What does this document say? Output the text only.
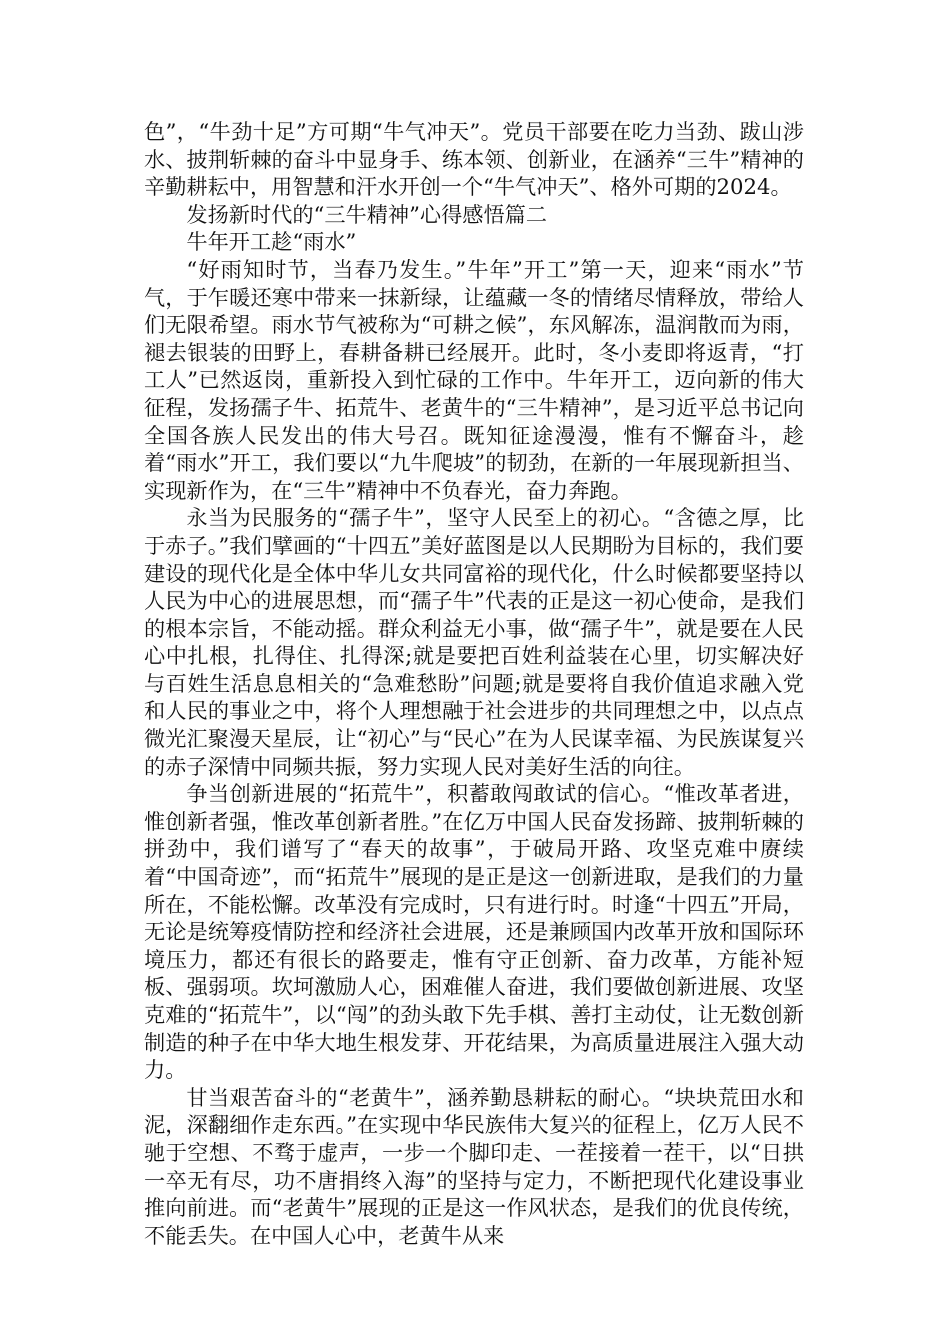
色”，“牛劲十足”方可期“牛气冲天”。党员干部要在吃力当劲、跋山涉水、披荆斩棘的奋斗中显身手、练本领、创新业，在涵养“三牛”精神的辛勤耕耘中，用智慧和汗水开创一个“牛气冲天”、格外可期的2024。

发扬新时代的“三牛精神”心得感悟篇二

牛年开工趁“雨水”

“好雨知时节，当春乃发生。”牛年”开工”第一天，迎来“雨水”节气，于乍暖还寒中带来一抹新绿，让蕴藏一冬的情绪尽情释放，带给人们无限希望。雨水节气被称为“可耕之候”，东风解冻，温润散而为雨，褪去银装的田野上，春耕备耕已经展开。此时，冬小麦即将返青，“打工人”已然返岗，重新投入到忙碌的工作中。牛年开工，迈向新的伟大征程，发扬孺子牛、拓荒牛、老黄牛的“三牛精神”，是习近平总书记向全国各族人民发出的伟大号召。既知征途漫漫，惟有不懈奋斗，趁着“雨水”开工，我们要以“九牛爬坡”的韧劲，在新的一年展现新担当、实现新作为，在“三牛”精神中不负春光，奋力奔跑。

永当为民服务的“孺子牛”，坚守人民至上的初心。“含德之厚，比于赤子。”我们擘画的“十四五”美好蓝图是以人民期盼为目标的，我们要建设的现代化是全体中华儿女共同富裕的现代化，什么时候都要坚持以人民为中心的进展思想，而“孺子牛”代表的正是这一初心使命，是我们的根本宗旨，不能动摇。群众利益无小事，做“孺子牛”，就是要在人民心中扎根，扎得住、扎得深;就是要把百姓利益装在心里，切实解决好与百姓生活息息相关的“急难愁盼”问题;就是要将自我价值追求融入党和人民的事业之中，将个人理想融于社会进步的共同理想之中，以点点微光汇聚漫天星辰，让“初心”与“民心”在为人民谋幸福、为民族谋复兴的赤子深情中同频共振，努力实现人民对美好生活的向往。

争当创新进展的“拓荒牛”，积蓄敢闯敢试的信心。“惟改革者进，惟创新者强，惟改革创新者胜。”在亿万中国人民奋发扬蹄、披荆斩棘的拼劲中，我们谱写了“春天的故事”，于破局开路、攻坚克难中赓续着“中国奇迹”，而“拓荒牛”展现的是正是这一创新进取，是我们的力量所在，不能松懈。改革没有完成时，只有进行时。时逢“十四五”开局，无论是统筹疫情防控和经济社会进展，还是兼顾国内改革开放和国际环境压力，都还有很长的路要走，惟有守正创新、奋力改革，方能补短板、强弱项。坎坷激励人心，困难催人奋进，我们要做创新进展、攻坚克难的“拓荒牛”，以“闯”的劲头敢下先手棋、善打主动仗，让无数创新制造的种子在中华大地生根发芽、开花结果，为高质量进展注入强大动力。

甘当艰苦奋斗的“老黄牛”，涵养勤恳耕耘的耐心。“块块荒田水和泥，深翻细作走东西。”在实现中华民族伟大复兴的征程上，亿万人民不驰于空想、不骛于虚声，一步一个脚印走、一茬接着一茬干，以“日拱一卒无有尽，功不唐捐终入海”的坚持与定力，不断把现代化建设事业推向前进。而“老黄牛”展现的正是这一作风状态，是我们的优良传统，不能丢失。在中国人心中，老黄牛从来
